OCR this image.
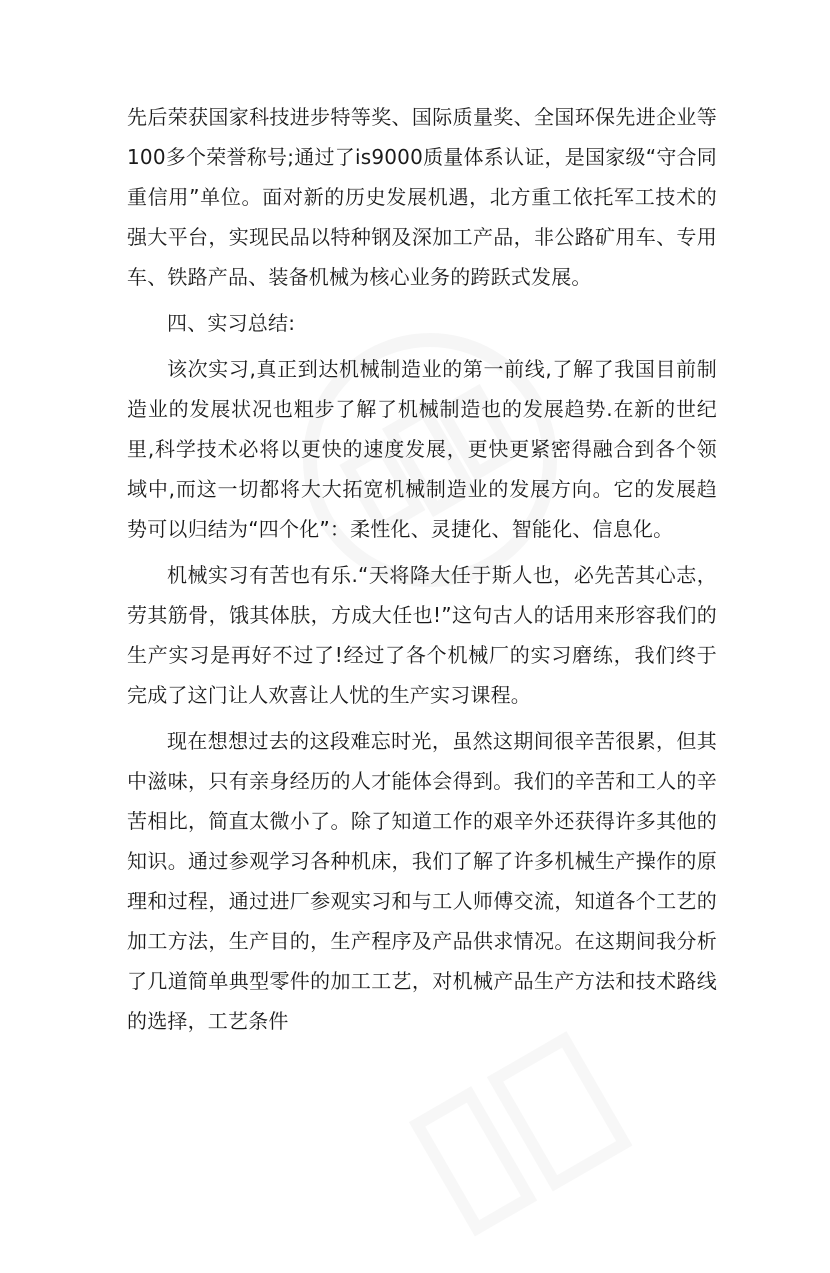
先后荣获国家科技进步特等奖、国际质量奖、全国环保先进企业等100多个荣誉称号;通过了is9000质量体系认证，是国家级“守合同重信用”单位。面对新的历史发展机遇，北方重工依托军工技术的强大平台，实现民品以特种钢及深加工产品，非公路矿用车、专用车、铁路产品、装备机械为核心业务的跨跃式发展。

四、实习总结:

该次实习,真正到达机械制造业的第一前线,了解了我国目前制造业的发展状况也粗步了解了机械制造也的发展趋势.在新的世纪里,科学技术必将以更快的速度发展，更快更紧密得融合到各个领域中,而这一切都将大大拓宽机械制造业的发展方向。它的发展趋势可以归结为“四个化”：柔性化、灵捷化、智能化、信息化。

机械实习有苦也有乐.“天将降大任于斯人也，必先苦其心志，劳其筋骨，饿其体肤，方成大任也!”这句古人的话用来形容我们的生产实习是再好不过了!经过了各个机械厂的实习磨练，我们终于完成了这门让人欢喜让人忧的生产实习课程。

现在想想过去的这段难忘时光，虽然这期间很辛苦很累，但其中滋味，只有亲身经历的人才能体会得到。我们的辛苦和工人的辛苦相比，简直太微小了。除了知道工作的艰辛外还获得许多其他的知识。通过参观学习各种机床，我们了解了许多机械生产操作的原理和过程，通过进厂参观实习和与工人师傅交流，知道各个工艺的加工方法，生产目的，生产程序及产品供求情况。在这期间我分析了几道简单典型零件的加工工艺，对机械产品生产方法和技术路线的选择，工艺条件
